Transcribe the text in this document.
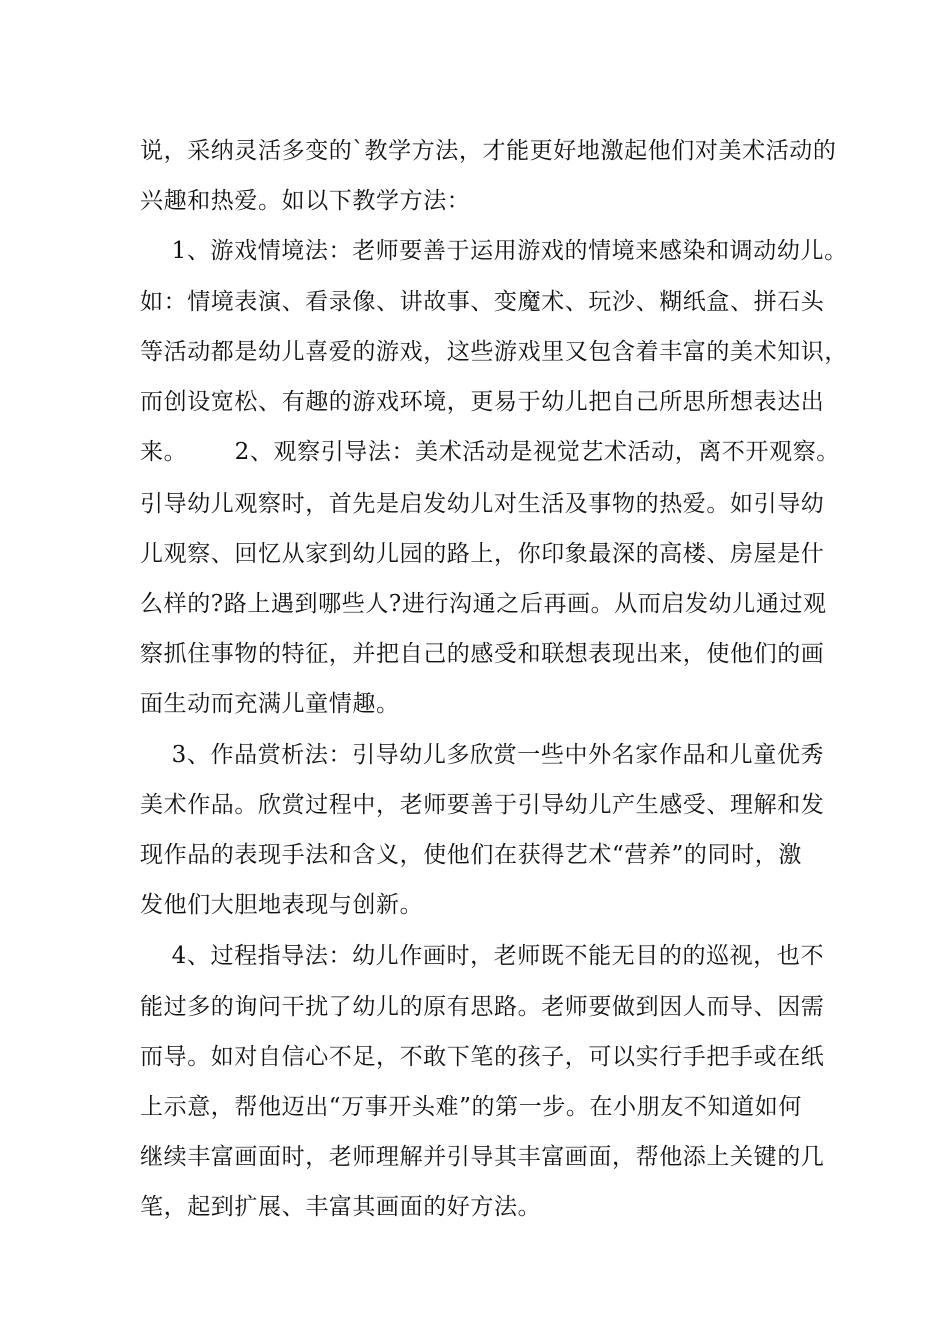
说，采纳灵活多变的`教学方法，才能更好地激起他们对美术活动的
兴趣和热爱。如以下教学方法：
1、游戏情境法：老师要善于运用游戏的情境来感染和调动幼儿。
如：情境表演、看录像、讲故事、变魔术、玩沙、糊纸盒、拼石头
等活动都是幼儿喜爱的游戏，这些游戏里又包含着丰富的美术知识，
而创设宽松、有趣的游戏环境，更易于幼儿把自己所思所想表达出
来。      2、观察引导法：美术活动是视觉艺术活动，离不开观察。
引导幼儿观察时，首先是启发幼儿对生活及事物的热爱。如引导幼
儿观察、回忆从家到幼儿园的路上，你印象最深的高楼、房屋是什
么样的?路上遇到哪些人?进行沟通之后再画。从而启发幼儿通过观
察抓住事物的特征，并把自己的感受和联想表现出来，使他们的画
面生动而充满儿童情趣。
3、作品赏析法：引导幼儿多欣赏一些中外名家作品和儿童优秀
美术作品。欣赏过程中，老师要善于引导幼儿产生感受、理解和发
现作品的表现手法和含义，使他们在获得艺术“营养”的同时，激
发他们大胆地表现与创新。
4、过程指导法：幼儿作画时，老师既不能无目的的巡视，也不
能过多的询问干扰了幼儿的原有思路。老师要做到因人而导、因需
而导。如对自信心不足，不敢下笔的孩子，可以实行手把手或在纸
上示意，帮他迈出“万事开头难”的第一步。在小朋友不知道如何
继续丰富画面时，老师理解并引导其丰富画面，帮他添上关键的几
笔，起到扩展、丰富其画面的好方法。
